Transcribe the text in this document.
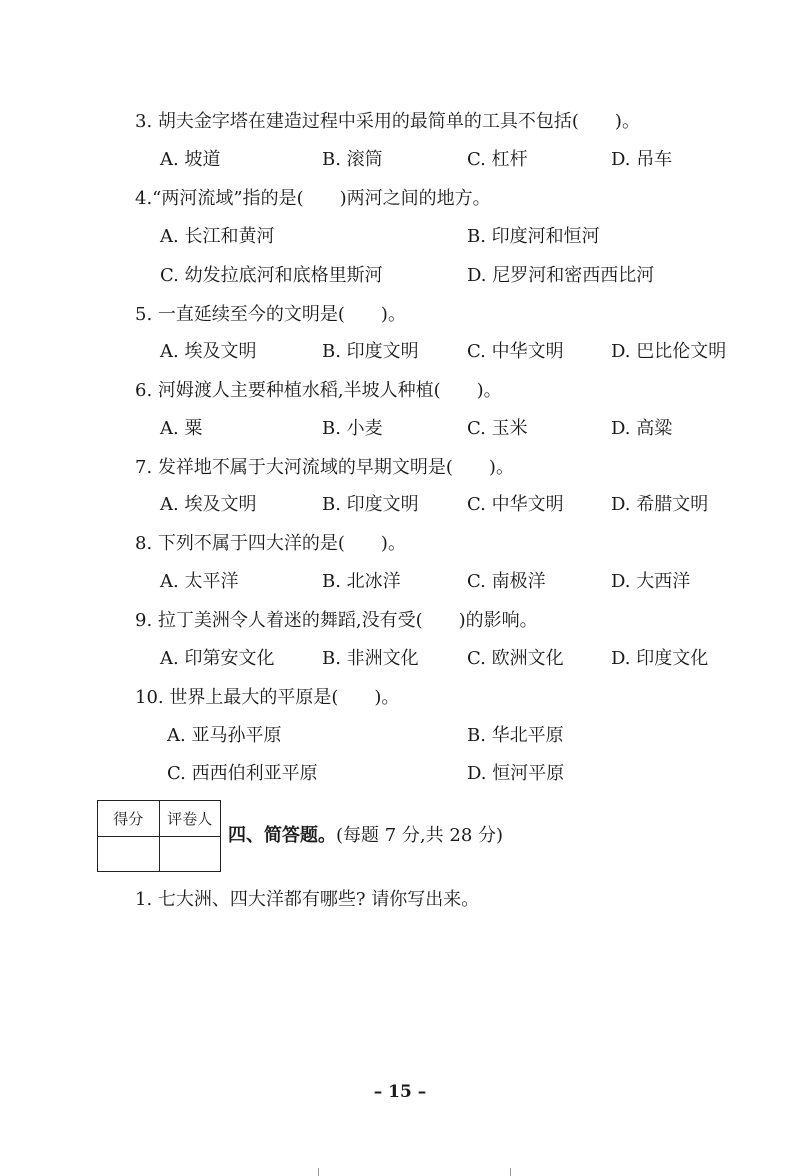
3. 胡夫金字塔在建造过程中采用的最简单的工具不包括(　　)。
A. 坡道	B. 滚筒	C. 杠杆	D. 吊车
4.“两河流域”指的是(　　)两河之间的地方。
A. 长江和黄河	B. 印度河和恒河
C. 幼发拉底河和底格里斯河	D. 尼罗河和密西西比河
5. 一直延续至今的文明是(　　)。
A. 埃及文明	B. 印度文明	C. 中华文明	D. 巴比伦文明
6. 河姆渡人主要种植水稻,半坡人种植(　　)。
A. 粟	B. 小麦	C. 玉米	D. 高粱
7. 发祥地不属于大河流域的早期文明是(　　)。
A. 埃及文明	B. 印度文明	C. 中华文明	D. 希腊文明
8. 下列不属于四大洋的是(　　)。
A. 太平洋	B. 北冰洋	C. 南极洋	D. 大西洋
9. 拉丁美洲令人着迷的舞蹈,没有受(　　)的影响。
A. 印第安文化	B. 非洲文化	C. 欧洲文化	D. 印度文化
10. 世界上最大的平原是(　　)。
A. 亚马孙平原	B. 华北平原
C. 西西伯利亚平原	D. 恒河平原
得分	评卷人

四、简答题。(每题 7 分,共 28 分)
1. 七大洲、四大洋都有哪些? 请你写出来。
– 15 –
